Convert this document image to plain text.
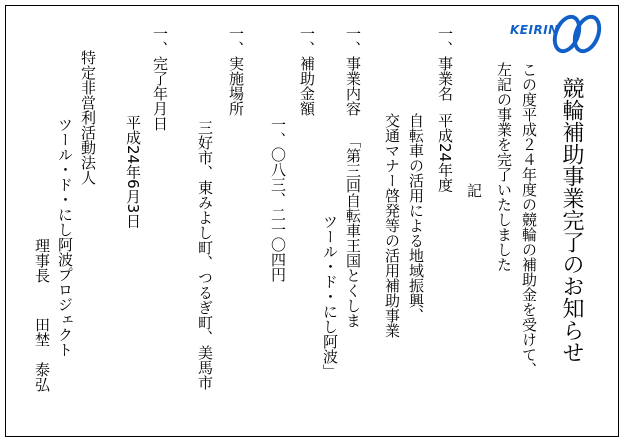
KEIRIN
競輪補助事業完了のお知らせ
この度平成２４年度の競輪の補助金を受けて、
左記の事業を完了いたしました
記
一、事業名
平成24年度
自転車の活用による地域振興、
交通マナー啓発等の活用補助事業
一、事業内容
「第三回自転車王国とくしま
ツール・ド・にし阿波」
一、補助金額
一、〇八三、二一〇四円
一、実施場所
三好市、東みよし町、つるぎ町、美馬市
一、完了年月日
平成24年6月3日
特定非営利活動法人
ツール・ド・にし阿波プロジェクト
理事長
田埜　泰弘
